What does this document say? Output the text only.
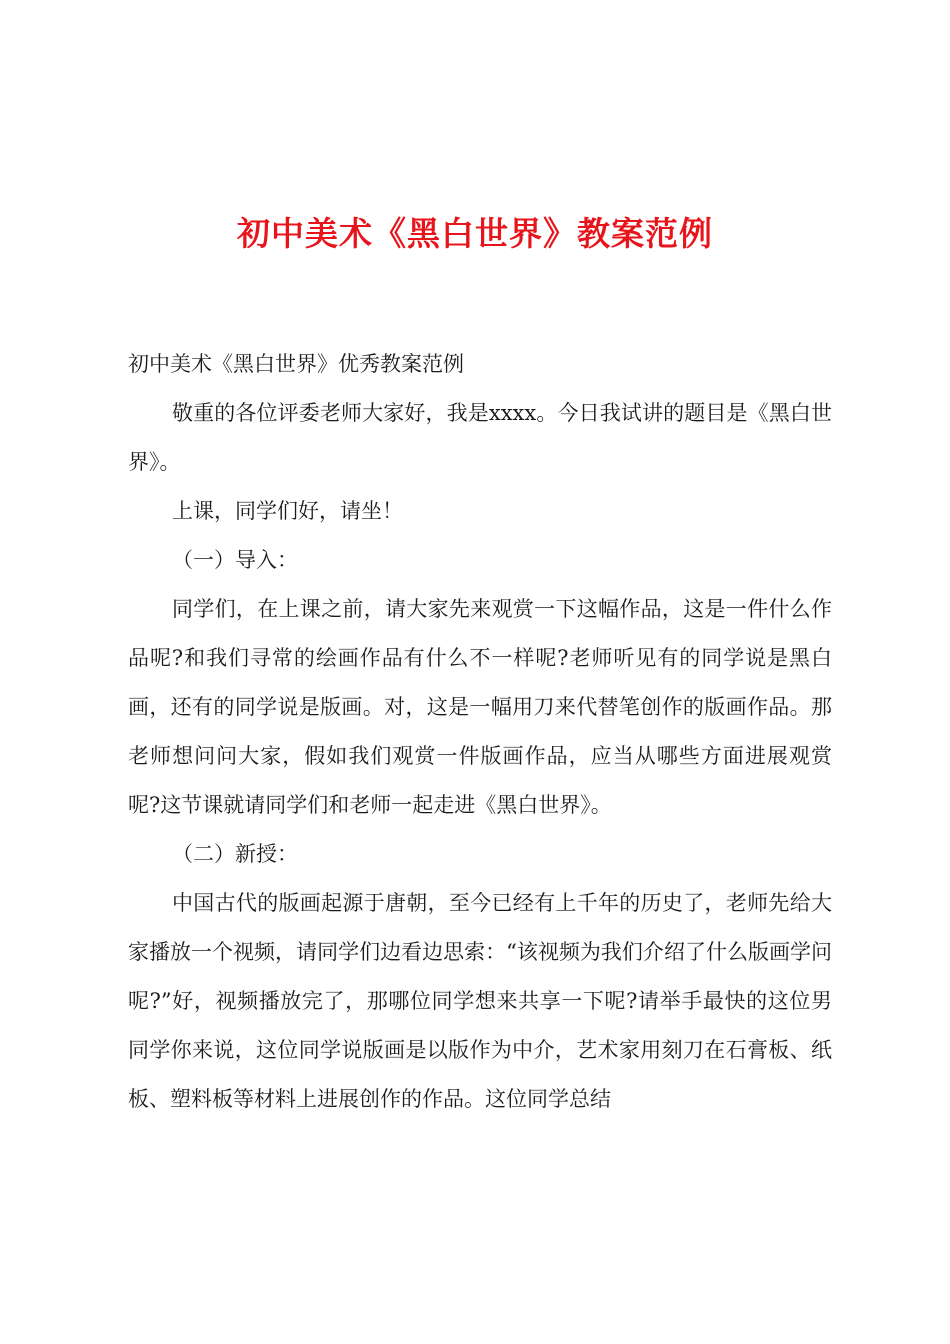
初中美术《黑白世界》教案范例

初中美术《黑白世界》优秀教案范例

敬重的各位评委老师大家好，我是xxxx。今日我试讲的题目是《黑白世界》。

上课，同学们好，请坐！

（一）导入：

同学们，在上课之前，请大家先来观赏一下这幅作品，这是一件什么作品呢?和我们寻常的绘画作品有什么不一样呢?老师听见有的同学说是黑白画，还有的同学说是版画。对，这是一幅用刀来代替笔创作的版画作品。那老师想问问大家，假如我们观赏一件版画作品，应当从哪些方面进展观赏呢?这节课就请同学们和老师一起走进《黑白世界》。

（二）新授：

中国古代的版画起源于唐朝，至今已经有上千年的历史了，老师先给大家播放一个视频，请同学们边看边思索：“该视频为我们介绍了什么版画学问呢?”好，视频播放完了，那哪位同学想来共享一下呢?请举手最快的这位男同学你来说，这位同学说版画是以版作为中介，艺术家用刻刀在石膏板、纸板、塑料板等材料上进展创作的作品。这位同学总结
